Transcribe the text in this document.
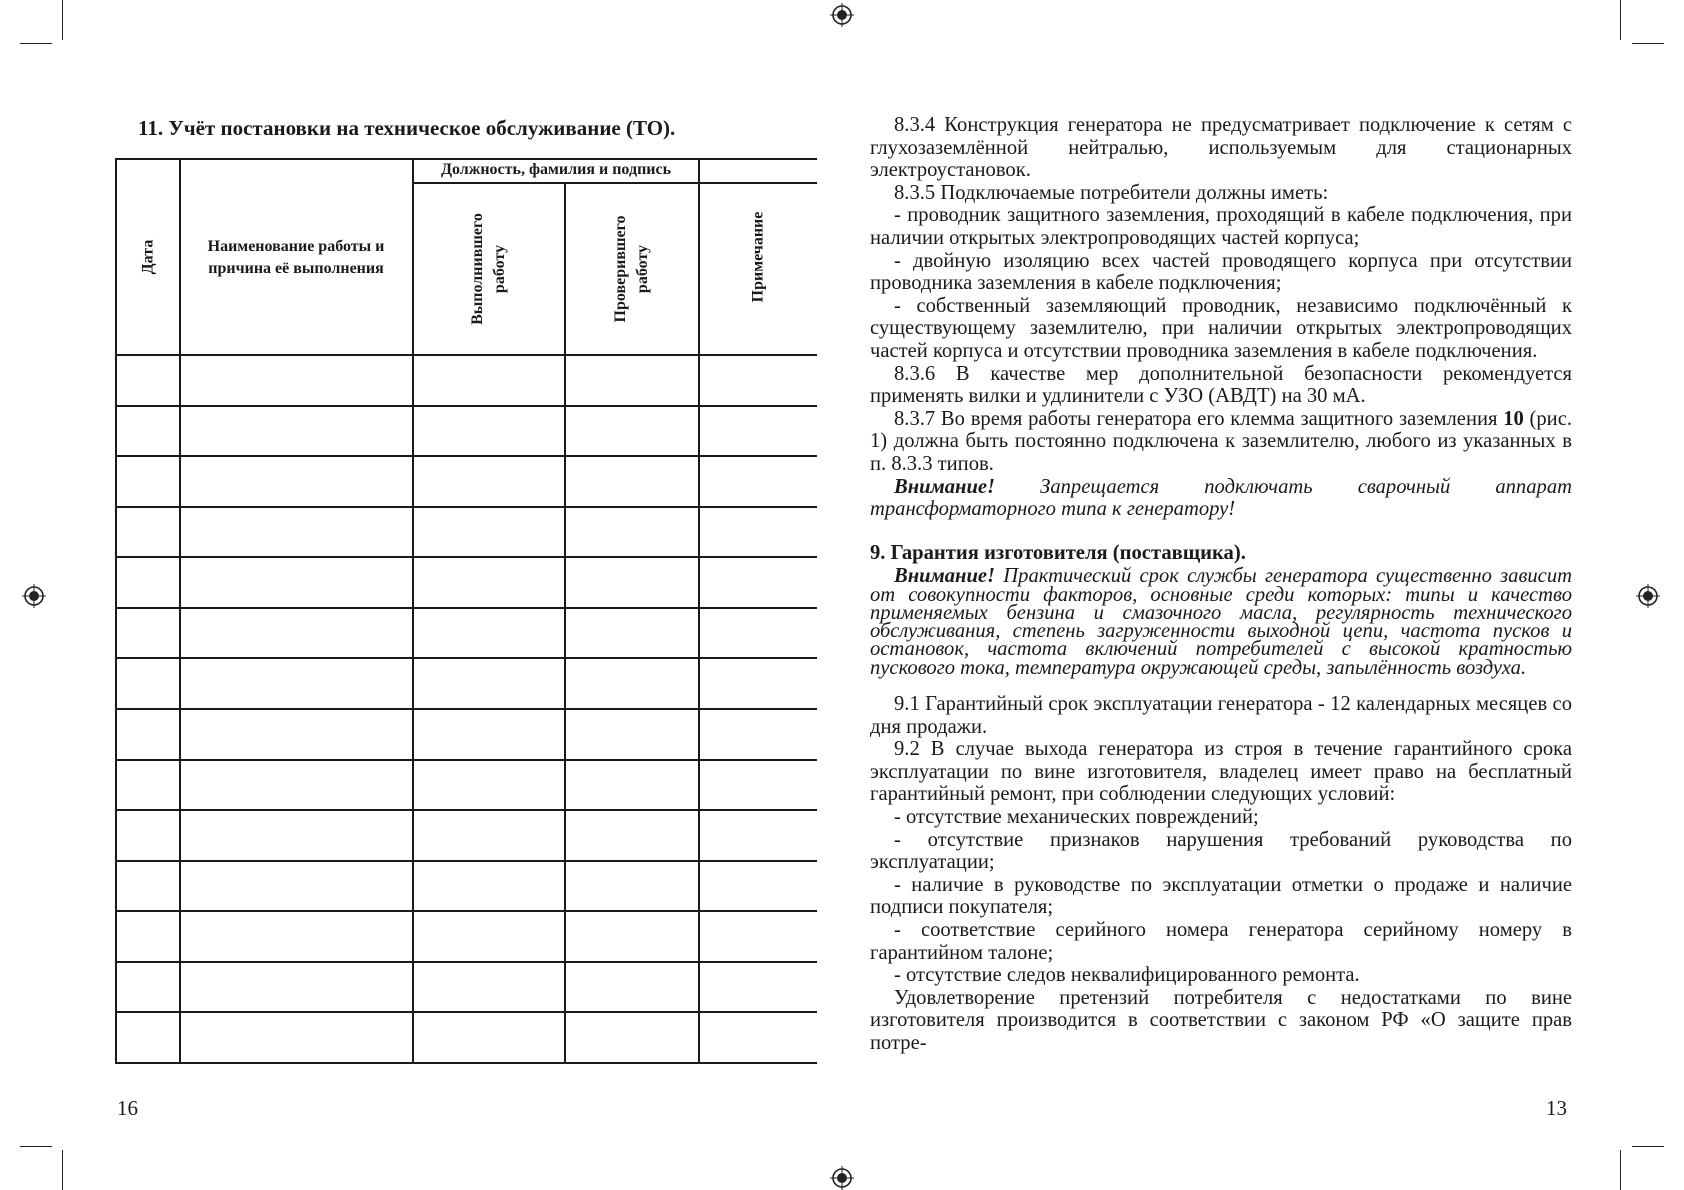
11. Учёт постановки на техническое обслуживание (ТО).
Дата	Наименование работы и причина её выполнения
Должность, фамилия и подпись
Выполнившего работу	Проверившего работу	Примечание
16

8.3.4 Конструкция генератора не предусматривает подключение к сетям с глухозаземлённой нейтралью, используемым для стационарных электроустановок.

8.3.5 Подключаемые потребители должны иметь:

- проводник защитного заземления, проходящий в кабеле подключения, при наличии открытых электропроводящих частей корпуса;

- двойную изоляцию всех частей проводящего корпуса при отсутствии проводника заземления в кабеле подключения;

- собственный заземляющий проводник, независимо подключённый к существующему заземлителю, при наличии открытых электропроводящих частей корпуса и отсутствии проводника заземления в кабеле подключения.

8.3.6 В качестве мер дополнительной безопасности рекомендуется применять вилки и удлинители с УЗО (АВДТ) на 30 мА.

8.3.7 Во время работы генератора его клемма защитного заземления 10 (рис. 1) должна быть постоянно подключена к заземлителю, любого из указанных в п. 8.3.3 типов.

Внимание! Запрещается подключать сварочный аппарат трансформаторного типа к генератору!

9. Гарантия изготовителя (поставщика).

Внимание! Практический срок службы генератора существенно зависит от совокупности факторов, основные среди которых: типы и качество применяемых бензина и смазочного масла, регулярность технического обслуживания, степень загруженности выходной цепи, частота пусков и остановок, частота включений потребителей с высокой кратностью пускового тока, температура окружающей среды, запылённость воздуха.

9.1 Гарантийный срок эксплуатации генератора - 12 календарных месяцев со дня продажи.

9.2 В случае выхода генератора из строя в течение гарантийного срока эксплуатации по вине изготовителя, владелец имеет право на бесплатный гарантийный ремонт, при соблюдении следующих условий:

- отсутствие механических повреждений;

- отсутствие признаков нарушения требований руководства по эксплуатации;

- наличие в руководстве по эксплуатации отметки о продаже и наличие подписи покупателя;

- соответствие серийного номера генератора серийному номеру в гарантийном талоне;

- отсутствие следов неквалифицированного ремонта.

Удовлетворение претензий потребителя с недостатками по вине изготовителя производится в соответствии с законом РФ «О защите прав потре-

13
